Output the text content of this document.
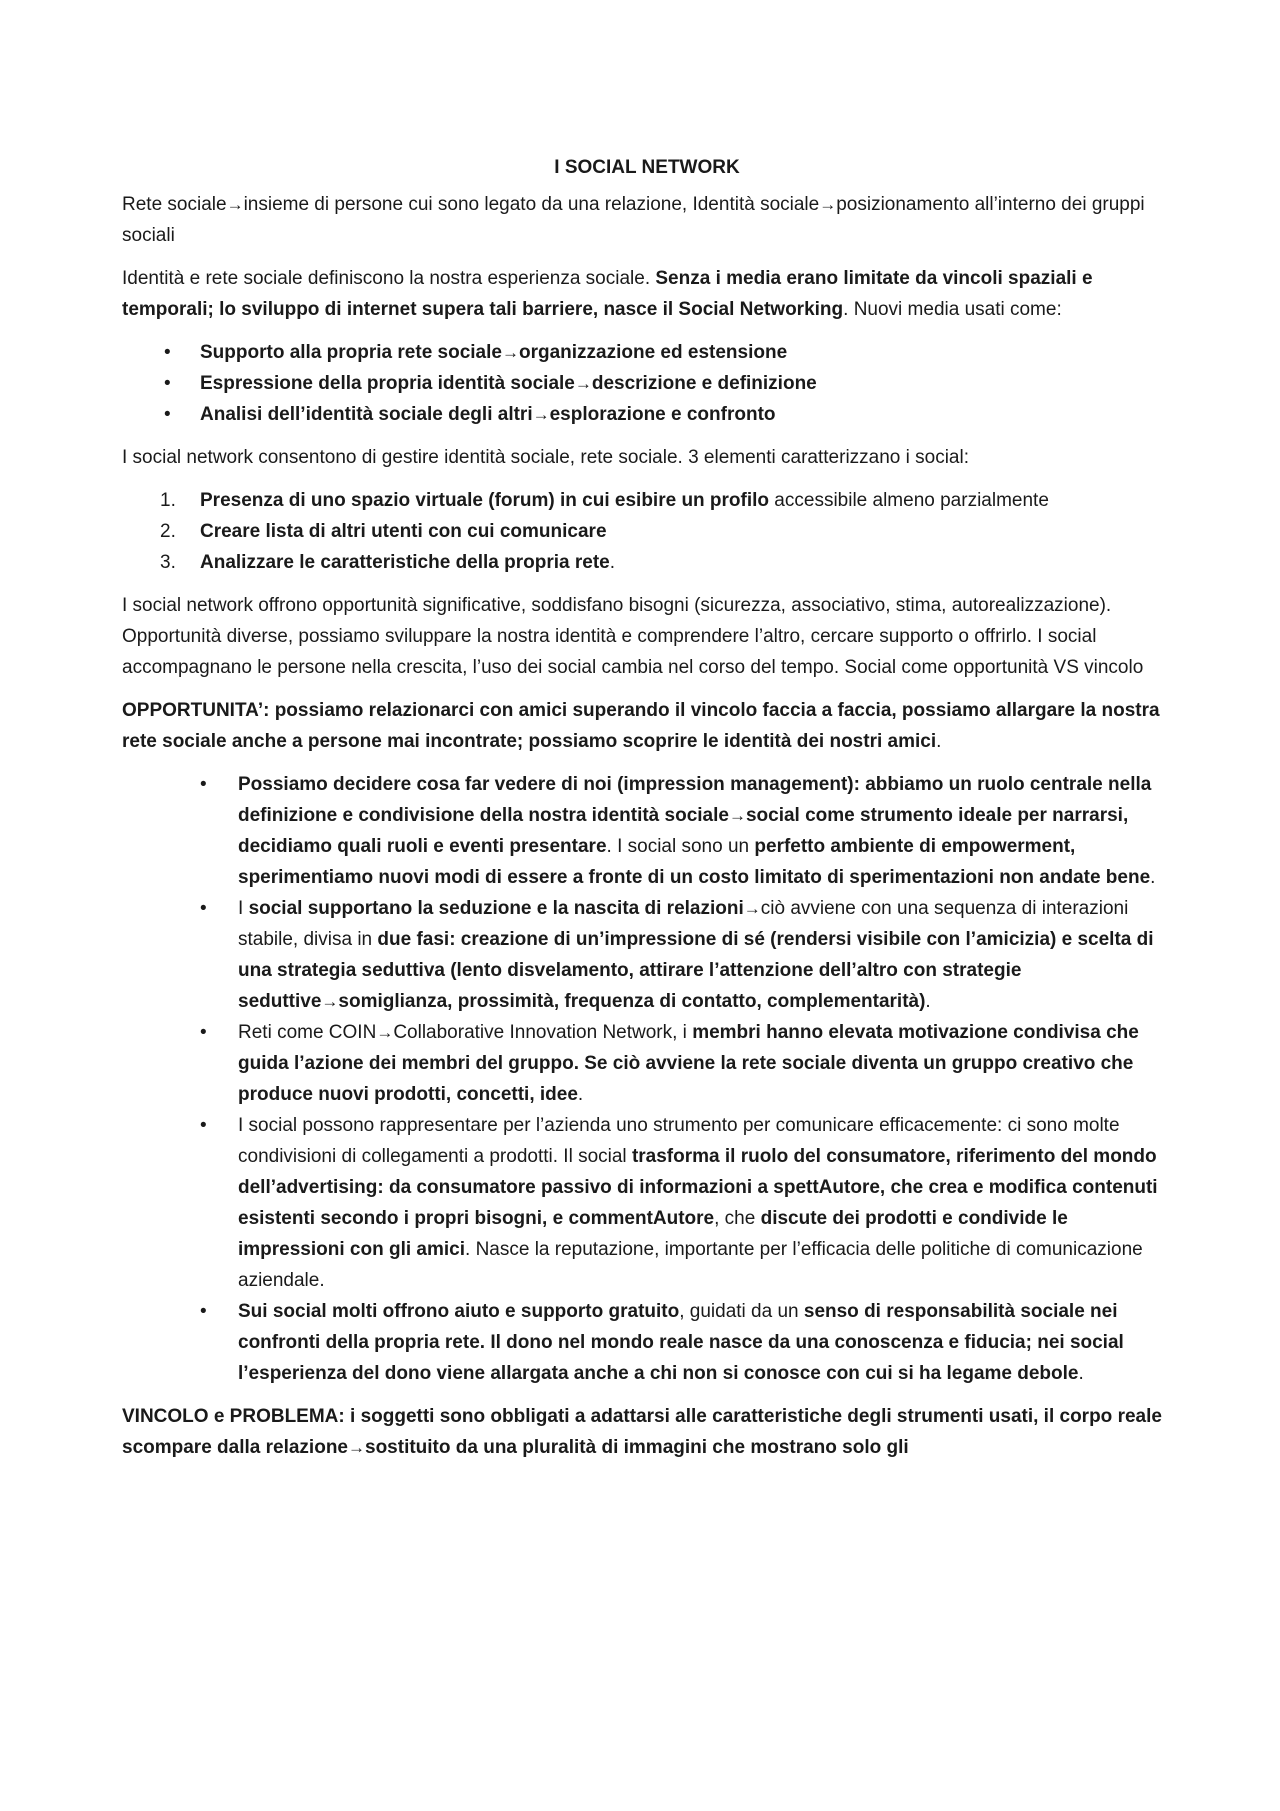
I SOCIAL NETWORK

Rete sociale→insieme di persone cui sono legato da una relazione, Identità sociale→posizionamento all’interno dei gruppi sociali

Identità e rete sociale definiscono la nostra esperienza sociale. Senza i media erano limitate da vincoli spaziali e temporali; lo sviluppo di internet supera tali barriere, nasce il Social Networking. Nuovi media usati come:

• Supporto alla propria rete sociale→organizzazione ed estensione
• Espressione della propria identità sociale→descrizione e definizione
• Analisi dell’identità sociale degli altri→esplorazione e confronto

I social network consentono di gestire identità sociale, rete sociale. 3 elementi caratterizzano i social:

1. Presenza di uno spazio virtuale (forum) in cui esibire un profilo accessibile almeno parzialmente
2. Creare lista di altri utenti con cui comunicare
3. Analizzare le caratteristiche della propria rete.

I social network offrono opportunità significative, soddisfano bisogni (sicurezza, associativo, stima, autorealizzazione). Opportunità diverse, possiamo sviluppare la nostra identità e comprendere l’altro, cercare supporto o offrirlo. I social accompagnano le persone nella crescita, l’uso dei social cambia nel corso del tempo. Social come opportunità VS vincolo

OPPORTUNITA’: possiamo relazionarci con amici superando il vincolo faccia a faccia, possiamo allargare la nostra rete sociale anche a persone mai incontrate; possiamo scoprire le identità dei nostri amici.

• Possiamo decidere cosa far vedere di noi (impression management): abbiamo un ruolo centrale nella definizione e condivisione della nostra identità sociale→social come strumento ideale per narrarsi, decidiamo quali ruoli e eventi presentare. I social sono un perfetto ambiente di empowerment, sperimentiamo nuovi modi di essere a fronte di un costo limitato di sperimentazioni non andate bene.
• I social supportano la seduzione e la nascita di relazioni→ciò avviene con una sequenza di interazioni stabile, divisa in due fasi: creazione di un’impressione di sé (rendersi visibile con l’amicizia) e scelta di una strategia seduttiva (lento disvelamento, attirare l’attenzione dell’altro con strategie seduttive→somiglianza, prossimità, frequenza di contatto, complementarità).
• Reti come COIN→Collaborative Innovation Network, i membri hanno elevata motivazione condivisa che guida l’azione dei membri del gruppo. Se ciò avviene la rete sociale diventa un gruppo creativo che produce nuovi prodotti, concetti, idee.
• I social possono rappresentare per l’azienda uno strumento per comunicare efficacemente: ci sono molte condivisioni di collegamenti a prodotti. Il social trasforma il ruolo del consumatore, riferimento del mondo dell’advertising: da consumatore passivo di informazioni a spettAutore, che crea e modifica contenuti esistenti secondo i propri bisogni, e commentAutore, che discute dei prodotti e condivide le impressioni con gli amici. Nasce la reputazione, importante per l’efficacia delle politiche di comunicazione aziendale.
• Sui social molti offrono aiuto e supporto gratuito, guidati da un senso di responsabilità sociale nei confronti della propria rete. Il dono nel mondo reale nasce da una conoscenza e fiducia; nei social l’esperienza del dono viene allargata anche a chi non si conosce con cui si ha legame debole.

VINCOLO e PROBLEMA: i soggetti sono obbligati a adattarsi alle caratteristiche degli strumenti usati, il corpo reale scompare dalla relazione→sostituito da una pluralità di immagini che mostrano solo gli
